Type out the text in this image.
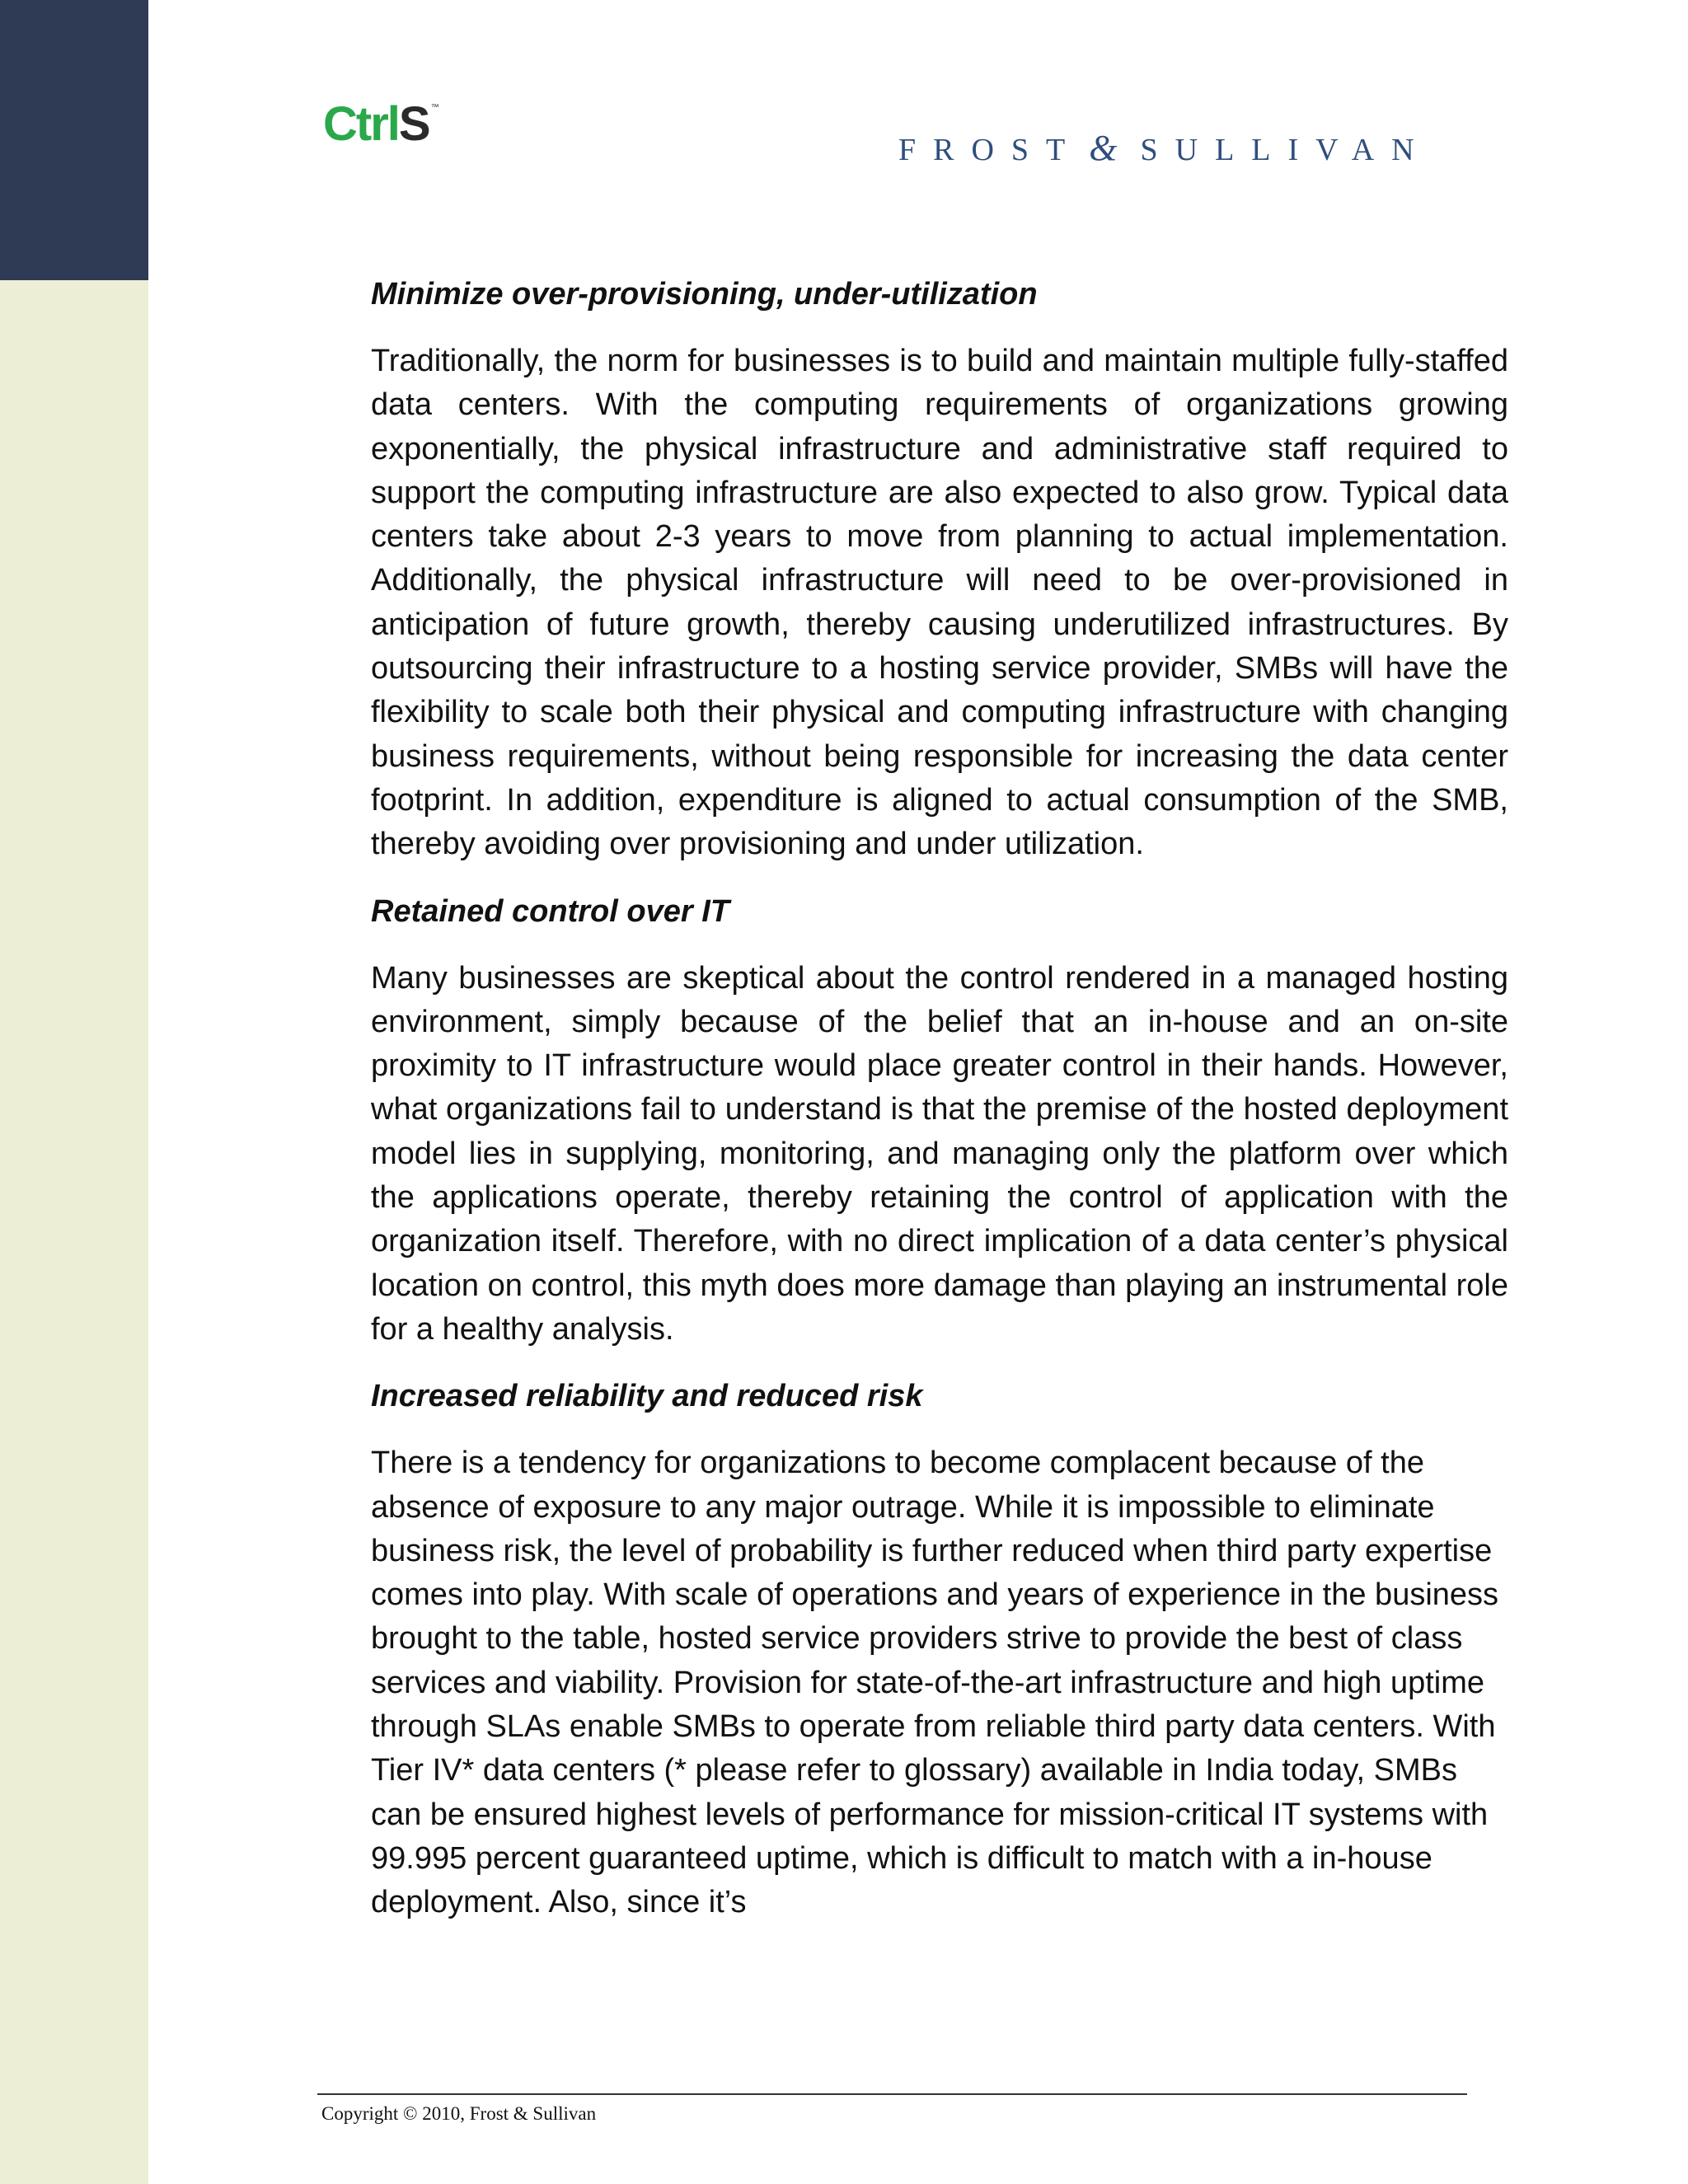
CtrlS ™
FROST & SULLIVAN
Minimize over-provisioning, under-utilization

Traditionally, the norm for businesses is to build and maintain multiple fully-staffed data centers. With the computing requirements of organizations growing exponentially, the physical infrastructure and administrative staff required to support the computing infrastructure are also expected to also grow. Typical data centers take about 2-3 years to move from planning to actual implementation. Additionally, the physical infrastructure will need to be over-provisioned in anticipation of future growth, thereby causing underutilized infrastructures. By outsourcing their infrastructure to a hosting service provider, SMBs will have the flexibility to scale both their physical and computing infrastructure with changing business requirements, without being responsible for increasing the data center footprint. In addition, expenditure is aligned to actual consumption of the SMB, thereby avoiding over provisioning and under utilization.

Retained control over IT

Many businesses are skeptical about the control rendered in a managed hosting environment, simply because of the belief that an in-house and an on-site proximity to IT infrastructure would place greater control in their hands. However, what organizations fail to understand is that the premise of the hosted deployment model lies in supplying, monitoring, and managing only the platform over which the applications operate, thereby retaining the control of application with the organization itself. Therefore, with no direct implication of a data center’s physical location on control, this myth does more damage than playing an instrumental role for a healthy analysis.

Increased reliability and reduced risk

There is a tendency for organizations to become complacent because of the absence of exposure to any major outrage. While it is impossible to eliminate business risk, the level of probability is further reduced when third party expertise comes into play. With scale of operations and years of experience in the business brought to the table, hosted service providers strive to provide the best of class services and viability. Provision for state-of-the-art infrastructure and high uptime through SLAs enable SMBs to operate from reliable third party data centers. With Tier IV* data centers (* please refer to glossary) available in India today, SMBs can be ensured highest levels of performance for mission-critical IT systems with 99.995 percent guaranteed uptime, which is difficult to match with a in-house deployment. Also, since it’s

Copyright © 2010, Frost & Sullivan
